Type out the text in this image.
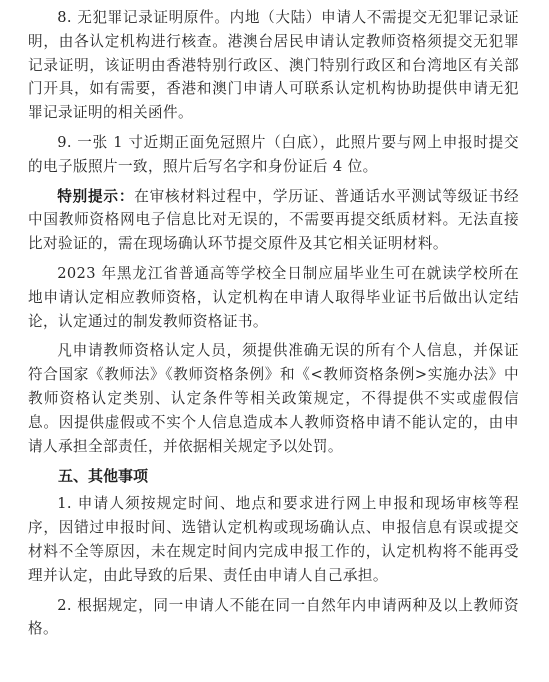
8. 无犯罪记录证明原件。内地（大陆）申请人不需提交无犯罪记录证明，由各认定机构进行核查。港澳台居民申请认定教师资格须提交无犯罪记录证明，该证明由香港特别行政区、澳门特别行政区和台湾地区有关部门开具，如有需要，香港和澳门申请人可联系认定机构协助提供申请无犯罪记录证明的相关函件。

9. 一张 1 寸近期正面免冠照片（白底），此照片要与网上申报时提交的电子版照片一致，照片后写名字和身份证后 4 位。

特别提示：在审核材料过程中，学历证、普通话水平测试等级证书经中国教师资格网电子信息比对无误的，不需要再提交纸质材料。无法直接比对验证的，需在现场确认环节提交原件及其它相关证明材料。

2023 年黑龙江省普通高等学校全日制应届毕业生可在就读学校所在地申请认定相应教师资格，认定机构在申请人取得毕业证书后做出认定结论，认定通过的制发教师资格证书。

凡申请教师资格认定人员，须提供准确无误的所有个人信息，并保证符合国家《教师法》《教师资格条例》和《<教师资格条例>实施办法》中教师资格认定类别、认定条件等相关政策规定，不得提供不实或虚假信息。因提供虚假或不实个人信息造成本人教师资格申请不能认定的，由申请人承担全部责任，并依据相关规定予以处罚。

五、其他事项

1. 申请人须按规定时间、地点和要求进行网上申报和现场审核等程序，因错过申报时间、选错认定机构或现场确认点、申报信息有误或提交材料不全等原因，未在规定时间内完成申报工作的，认定机构将不能再受理并认定，由此导致的后果、责任由申请人自己承担。

2. 根据规定，同一申请人不能在同一自然年内申请两种及以上教师资格。
